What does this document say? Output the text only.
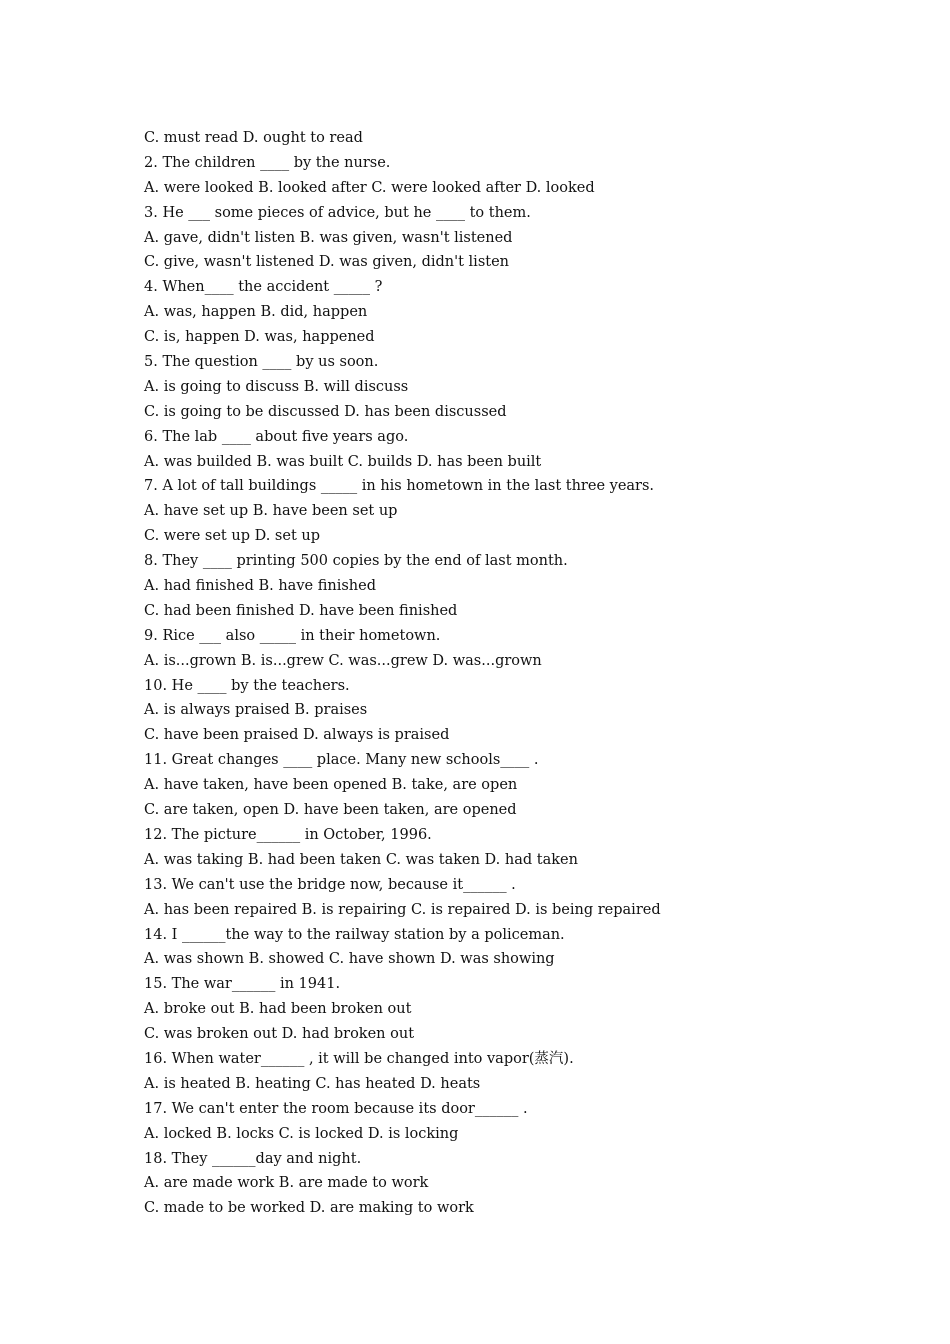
C. must read D. ought to read

2. The children ____ by the nurse.

A. were looked B. looked after C. were looked after D. looked

3. He ___ some pieces of advice, but he ____ to them.

A. gave, didn't listen B. was given, wasn't listened

C. give, wasn't listened D. was given, didn't listen

4. When____ the accident _____ ?

A. was, happen B. did, happen

C. is, happen D. was, happened

5. The question ____ by us soon.

A. is going to discuss B. will discuss

C. is going to be discussed D. has been discussed

6. The lab ____ about five years ago.

A. was builded B. was built C. builds D. has been built

7. A lot of tall buildings _____ in his hometown in the last three years.

A. have set up B. have been set up

C. were set up D. set up

8. They ____ printing 500 copies by the end of last month.

A. had finished B. have finished

C. had been finished D. have been finished

9. Rice ___ also _____ in their hometown.

A. is...grown B. is...grew C. was...grew D. was...grown

10. He ____ by the teachers.

A. is always praised B. praises

C. have been praised D. always is praised

11. Great changes ____ place. Many new schools____ .

A. have taken, have been opened B. take, are open

C. are taken, open D. have been taken, are opened

12. The picture______ in October, 1996.

A. was taking B. had been taken C. was taken D. had taken

13. We can't use the bridge now, because it______ .

A. has been repaired B. is repairing C. is repaired D. is being repaired

14. I ______the way to the railway station by a policeman.

A. was shown B. showed C. have shown D. was showing

15. The war______ in 1941.

A. broke out B. had been broken out

C. was broken out D. had broken out

16. When water______ , it will be changed into vapor(蒸汽).

A. is heated B. heating C. has heated D. heats

17. We can't enter the room because its door______ .

A. locked B. locks C. is locked D. is locking

18. They ______day and night.

A. are made work B. are made to work

C. made to be worked D. are making to work
